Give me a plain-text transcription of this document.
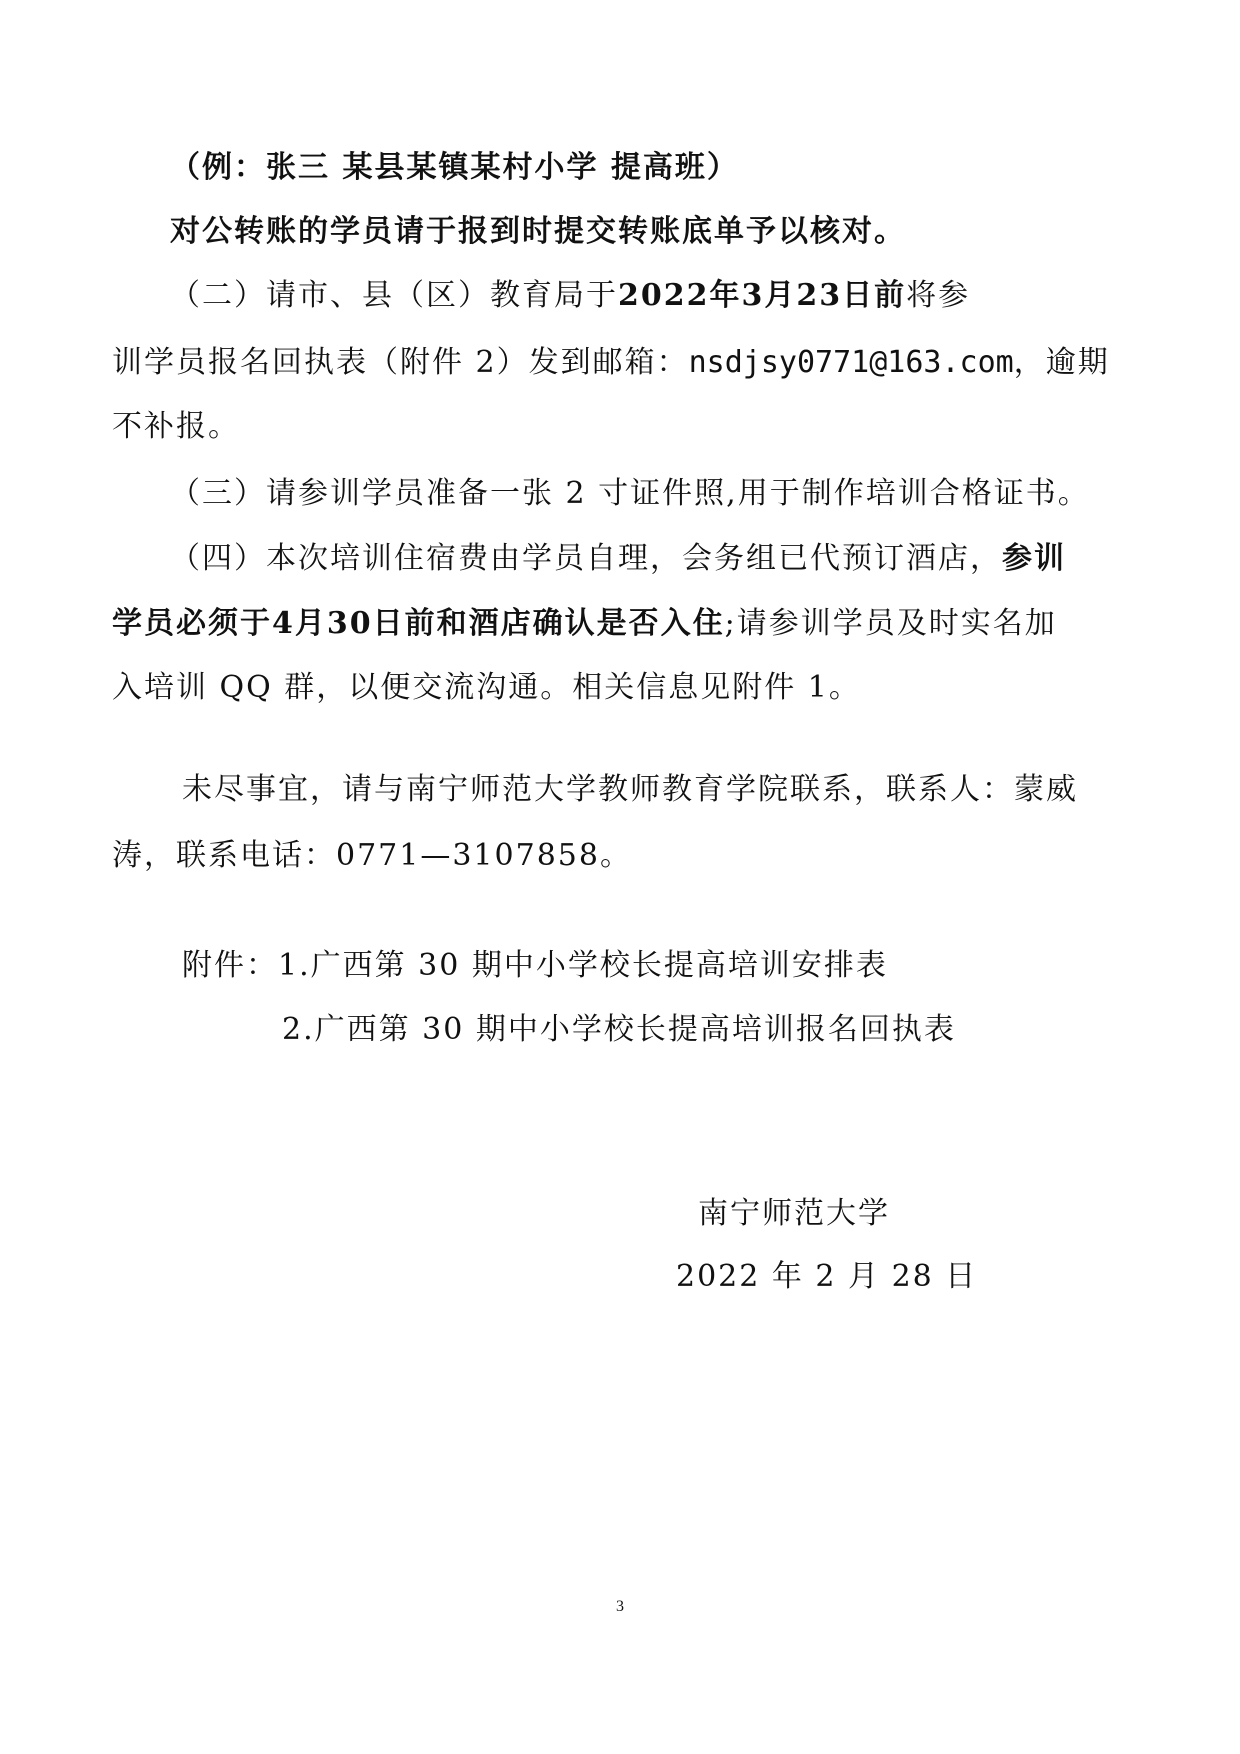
（例：张三 某县某镇某村小学 提高班）
对公转账的学员请于报到时提交转账底单予以核对。
（二）请市、县（区）教育局于2022年3月23日前将参
训学员报名回执表（附件 2）发到邮箱：nsdjsy0771@163.com，逾期
不补报。
（三）请参训学员准备一张 2 寸证件照,用于制作培训合格证书。
（四）本次培训住宿费由学员自理，会务组已代预订酒店，参训
学员必须于4月30日前和酒店确认是否入住;请参训学员及时实名加
入培训 QQ 群，以便交流沟通。相关信息见附件 1。
未尽事宜，请与南宁师范大学教师教育学院联系，联系人：蒙威
涛，联系电话：0771—3107858。
附件：1.广西第 30 期中小学校长提高培训安排表
2.广西第 30 期中小学校长提高培训报名回执表
南宁师范大学
2022 年 2 月 28 日
3
